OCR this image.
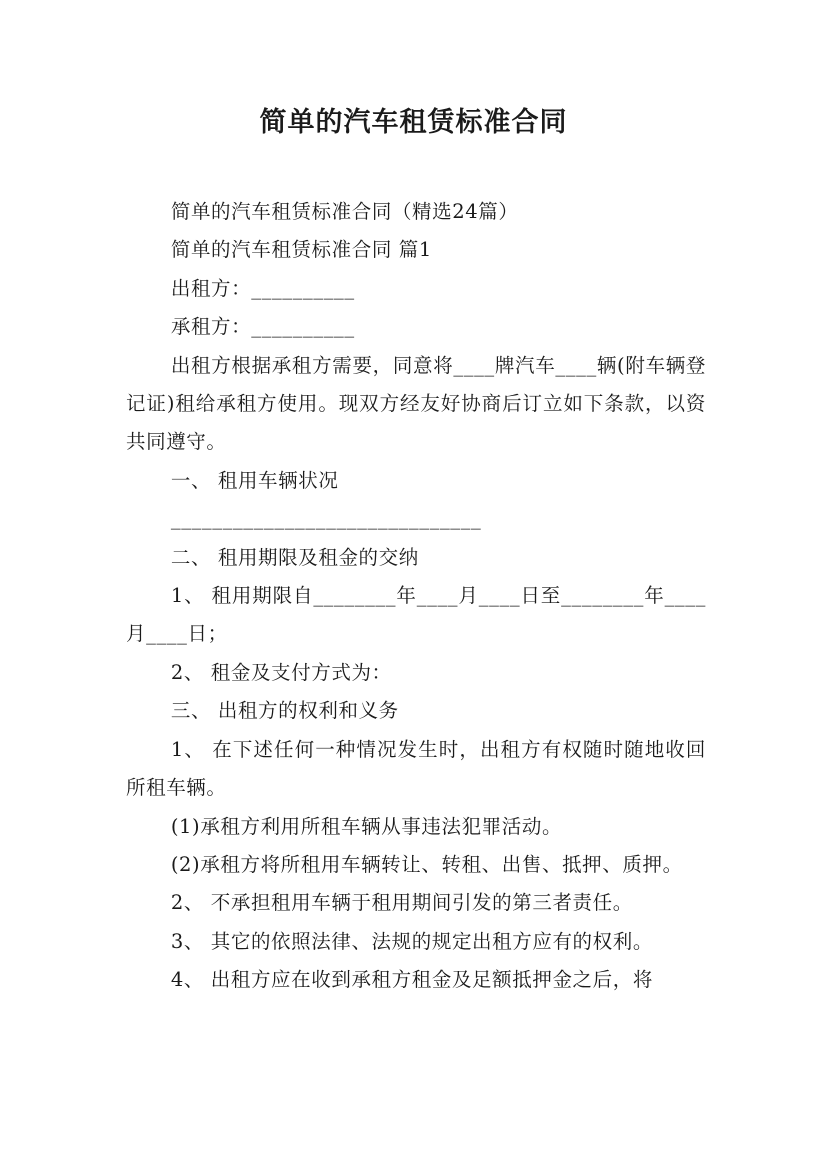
简单的汽车租赁标准合同

简单的汽车租赁标准合同（精选24篇）

简单的汽车租赁标准合同 篇1

出租方：__________

承租方：__________

出租方根据承租方需要，同意将____牌汽车____辆(附车辆登记证)租给承租方使用。现双方经友好协商后订立如下条款，以资共同遵守。

一、 租用车辆状况

______________________________

二、 租用期限及租金的交纳

1、 租用期限自________年____月____日至________年____月____日；

2、 租金及支付方式为：

三、 出租方的权利和义务

1、 在下述任何一种情况发生时，出租方有权随时随地收回所租车辆。

(1)承租方利用所租车辆从事违法犯罪活动。

(2)承租方将所租用车辆转让、转租、出售、抵押、质押。

2、 不承担租用车辆于租用期间引发的第三者责任。

3、 其它的依照法律、法规的规定出租方应有的权利。

4、 出租方应在收到承租方租金及足额抵押金之后，将
